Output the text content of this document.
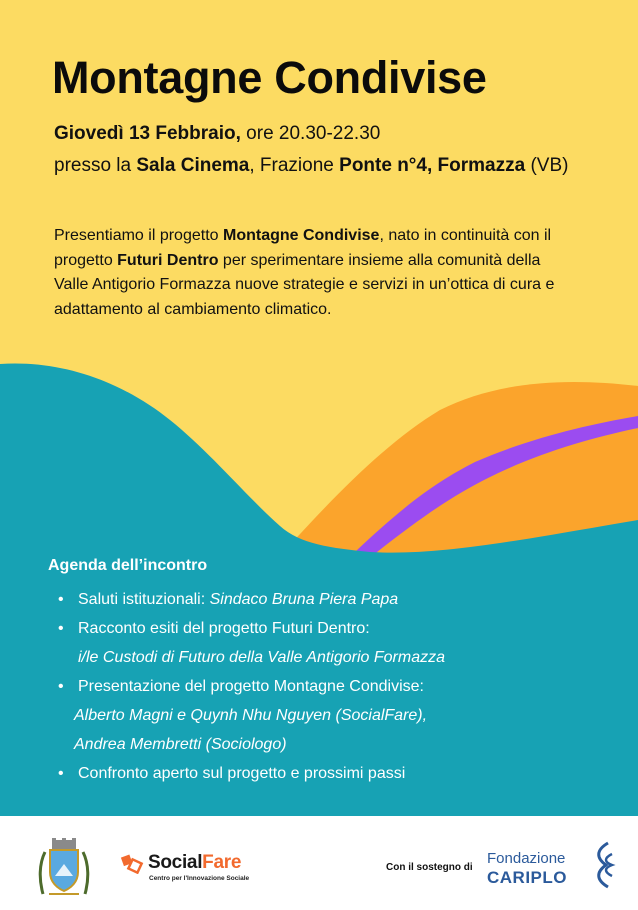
Montagne Condivise
Giovedì 13 Febbraio, ore 20.30-22.30
presso la Sala Cinema, Frazione Ponte n°4, Formazza (VB)

Presentiamo il progetto Montagne Condivise, nato in continuità con il progetto Futuri Dentro per sperimentare insieme alla comunità della Valle Antigorio Formazza nuove strategie e servizi in un’ottica di cura e adattamento al cambiamento climatico.

Agenda dell’incontro
• Saluti istituzionali: Sindaco Bruna Piera Papa
• Racconto esiti del progetto Futuri Dentro:
i/le Custodi di Futuro della Valle Antigorio Formazza
• Presentazione del progetto Montagne Condivise:
Alberto Magni e Quynh Nhu Nguyen (SocialFare),
Andrea Membretti (Sociologo)
• Confronto aperto sul progetto e prossimi passi
SocialFare
Centro per l'Innovazione Sociale
Con il sostegno di
Fondazione
CARIPLO
